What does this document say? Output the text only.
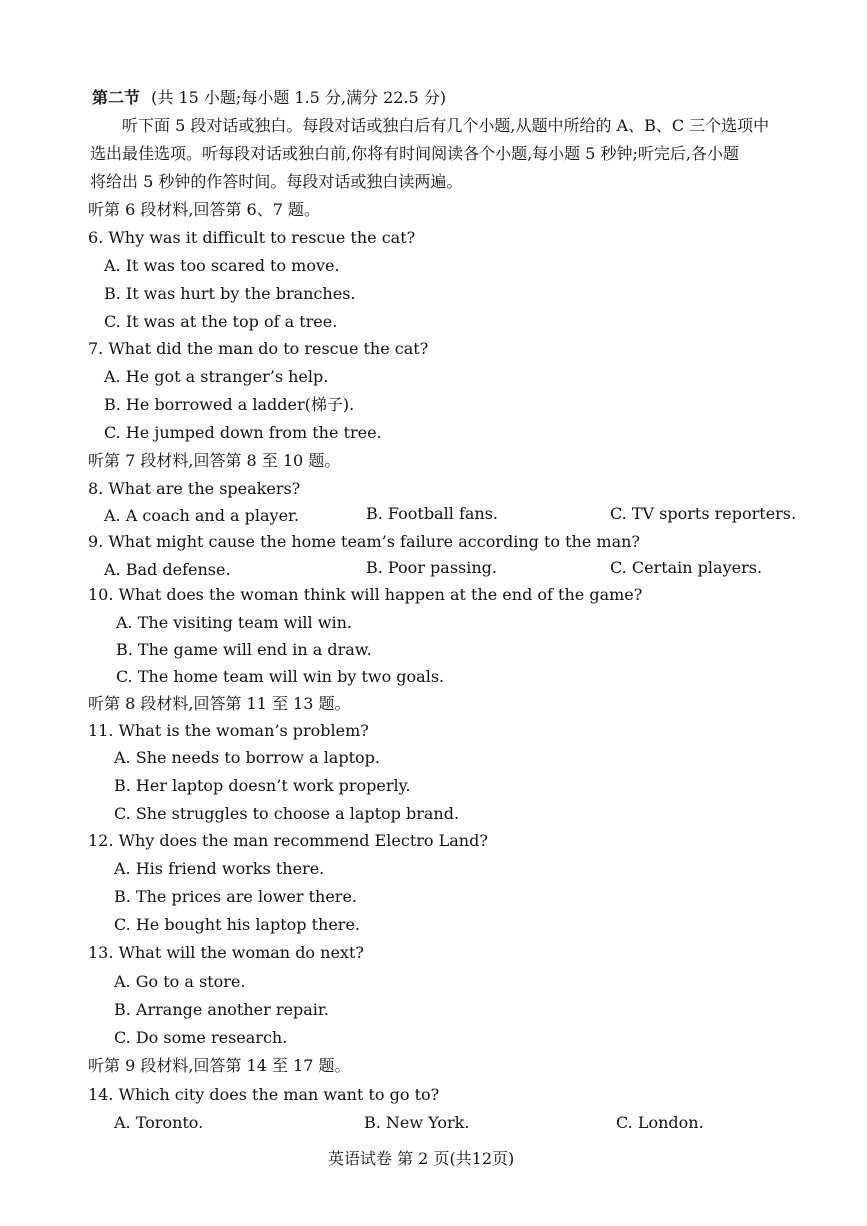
第二节 (共 15 小题;每小题 1.5 分,满分 22.5 分)
听下面 5 段对话或独白。每段对话或独白后有几个小题,从题中所给的 A、B、C 三个选项中
选出最佳选项。听每段对话或独白前,你将有时间阅读各个小题,每小题 5 秒钟;听完后,各小题
将给出 5 秒钟的作答时间。每段对话或独白读两遍。
听第 6 段材料,回答第 6、7 题。
6. Why was it difficult to rescue the cat?
A. It was too scared to move.
B. It was hurt by the branches.
C. It was at the top of a tree.
7. What did the man do to rescue the cat?
A. He got a stranger’s help.
B. He borrowed a ladder(梯子).
C. He jumped down from the tree.
听第 7 段材料,回答第 8 至 10 题。
8. What are the speakers?
A. A coach and a player.	B. Football fans.	C. TV sports reporters.
9. What might cause the home team’s failure according to the man?
A. Bad defense.	B. Poor passing.	C. Certain players.
10. What does the woman think will happen at the end of the game?
A. The visiting team will win.
B. The game will end in a draw.
C. The home team will win by two goals.
听第 8 段材料,回答第 11 至 13 题。
11. What is the woman’s problem?
A. She needs to borrow a laptop.
B. Her laptop doesn’t work properly.
C. She struggles to choose a laptop brand.
12. Why does the man recommend Electro Land?
A. His friend works there.
B. The prices are lower there.
C. He bought his laptop there.
13. What will the woman do next?
A. Go to a store.
B. Arrange another repair.
C. Do some research.
听第 9 段材料,回答第 14 至 17 题。
14. Which city does the man want to go to?
A. Toronto.	B. New York.	C. London.
英语试卷 第 2 页(共12页)
